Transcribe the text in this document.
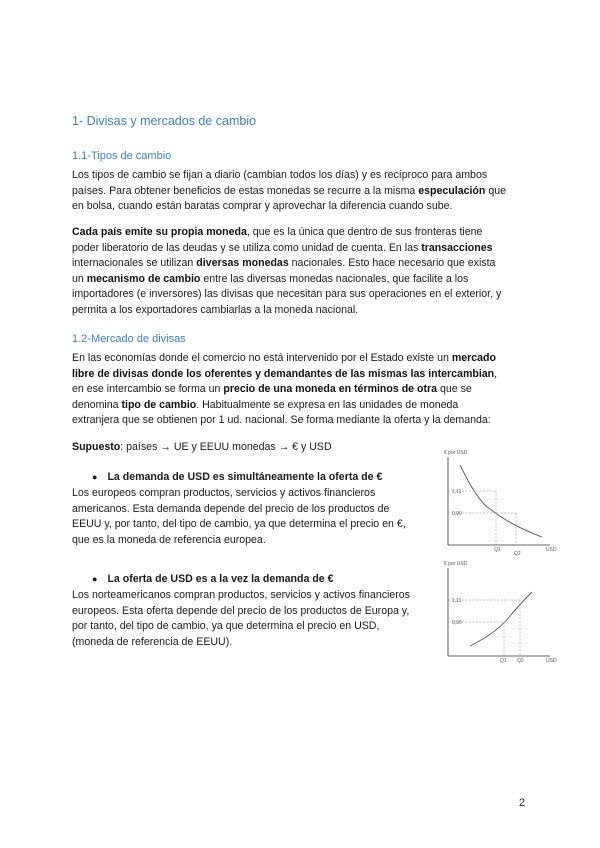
1- Divisas y mercados de cambio
1.1-Tipos de cambio
Los tipos de cambio se fijan a diario (cambian todos los días) y es recíproco para ambos
países. Para obtener beneficios de estas monedas se recurre a la misma especulación que
en bolsa, cuando están baratas comprar y aprovechar la diferencia cuando sube.
Cada país emite su propia moneda, que es la única que dentro de sus fronteras tiene
poder liberatorio de las deudas y se utiliza como unidad de cuenta. En las transacciones
internacionales se utilizan diversas monedas nacionales. Esto hace necesario que exista
un mecanismo de cambio entre las diversas monedas nacionales, que facilite a los
importadores (e inversores) las divisas que necesitan para sus operaciones en el exterior, y
permita a los exportadores cambiarlas a la moneda nacional.
1.2-Mercado de divisas
En las economías donde el comercio no está intervenido por el Estado existe un mercado
libre de divisas donde los oferentes y demandantes de las mismas las intercambian,
en ese intercambio se forma un precio de una moneda en términos de otra que se
denomina tipo de cambio. Habitualmente se expresa en las unidades de moneda
extranjera que se obtienen por 1 ud. nacional. Se forma mediante la oferta y la demanda:
Supuesto: países → UE y EEUU monedas → € y USD
● La demanda de USD es simultáneamente la oferta de €
Los europeos compran productos, servicios y activos financieros
americanos. Esta demanda depende del precio de los productos de
EEUU y, por tanto, del tipo de cambio, ya que determina el precio en €,
que es la moneda de referencia europea.
● La oferta de USD es a la vez la demanda de €
Los norteamericanos compran productos, servicios y activos financieros
europeos. Esta oferta depende del precio de los productos de Europa y,
por tanto, del tipo de cambio, ya que determina el precio en USD,
(moneda de referencia de EEUU).
€ por USD
1,11
0,90
Q1
Q2
USD
€ por USD
1,11
0,90
Q1 Q2	USD
2
